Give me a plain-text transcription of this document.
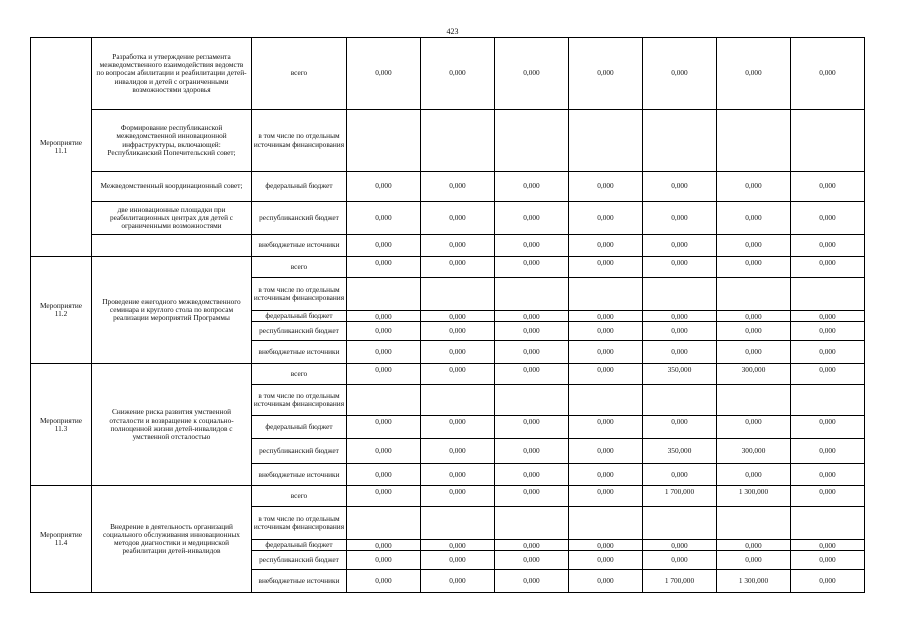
423
Мероприятие 11.1	Разработка и утверждение регламента межведомственного взаимодействия ведомств по вопросам абилитации и реабилитации детей-инвалидов и детей с ограниченными возможностями здоровья	всего	0,000	0,000	0,000	0,000	0,000	0,000	0,000
	Формирование республиканской межведомственной инновационной инфраструктуры, включающей: Республиканский Попечительский совет;	в том числе по отдельным источникам финансирования							
	Межведомственный координационный совет;	федеральный бюджет	0,000	0,000	0,000	0,000	0,000	0,000	0,000
	две инновационные площадки при реабилитационных центрах для детей с ограниченными возможностями	республиканский бюджет	0,000	0,000	0,000	0,000	0,000	0,000	0,000
		внебюджетные источники	0,000	0,000	0,000	0,000	0,000	0,000	0,000
Мероприятие 11.2	Проведение ежегодного межведомственного семинара и круглого стола по вопросам реализации мероприятий Программы	всего	0,000	0,000	0,000	0,000	0,000	0,000	0,000
		в том числе по отдельным источникам финансирования							
		федеральный бюджет	0,000	0,000	0,000	0,000	0,000	0,000	0,000
		республиканский бюджет	0,000	0,000	0,000	0,000	0,000	0,000	0,000
		внебюджетные источники	0,000	0,000	0,000	0,000	0,000	0,000	0,000
Мероприятие 11.3	Снижение риска развития умственной отсталости и возвращение к социально-полноценной жизни детей-инвалидов с умственной отсталостью	всего	0,000	0,000	0,000	0,000	350,000	300,000	0,000
		в том числе по отдельным источникам финансирования							
		федеральный бюджет	0,000	0,000	0,000	0,000	0,000	0,000	0,000
		республиканский бюджет	0,000	0,000	0,000	0,000	350,000	300,000	0,000
		внебюджетные источники	0,000	0,000	0,000	0,000	0,000	0,000	0,000
Мероприятие 11.4	Внедрение в деятельность организаций социального обслуживания инновационных методов диагностики и медицинской реабилитации детей-инвалидов	всего	0,000	0,000	0,000	0,000	1 700,000	1 300,000	0,000
		в том числе по отдельным источникам финансирования							
		федеральный бюджет	0,000	0,000	0,000	0,000	0,000	0,000	0,000
		республиканский бюджет	0,000	0,000	0,000	0,000	0,000	0,000	0,000
		внебюджетные источники	0,000	0,000	0,000	0,000	1 700,000	1 300,000	0,000
